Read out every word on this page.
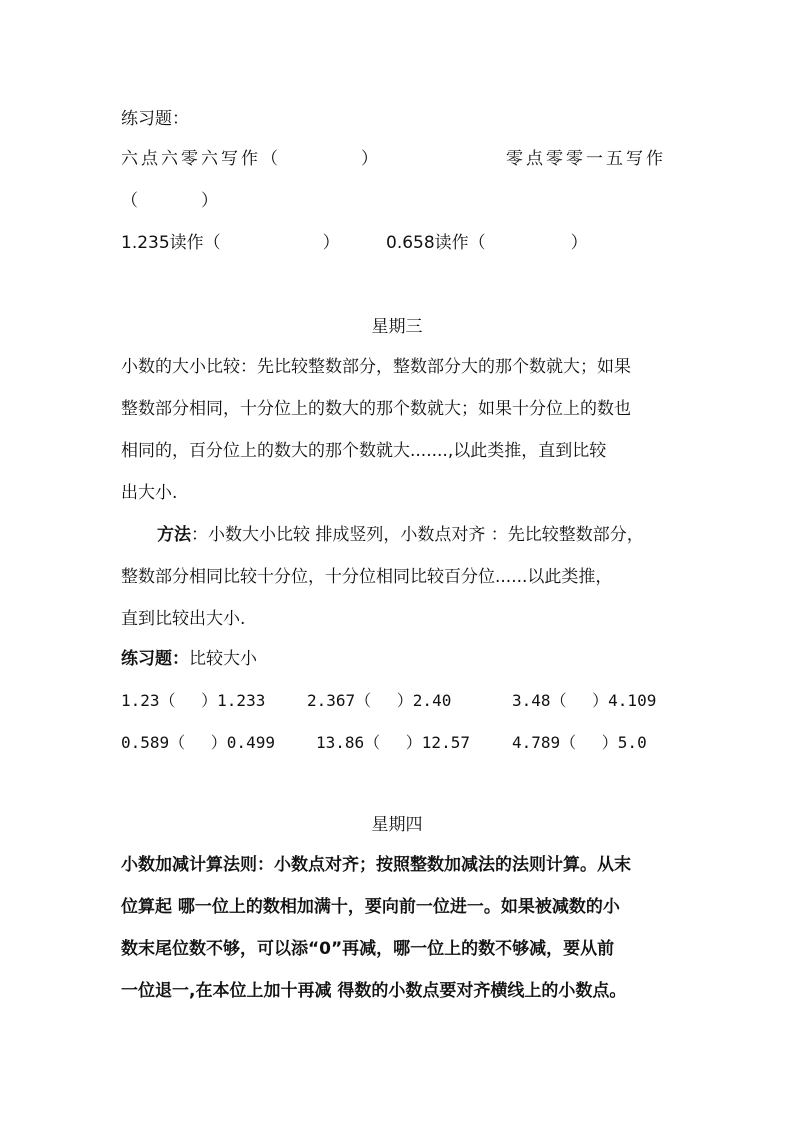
练习题：
六点六零六写作（　　　　）	零点零零一五写作
（　　　）
1.235读作（　　　　　　）	0.658读作（　　　　　）
星期三
小数的大小比较：先比较整数部分，整数部分大的那个数就大；如果
整数部分相同，十分位上的数大的那个数就大；如果十分位上的数也
相同的，百分位上的数大的那个数就大.......,以此类推，直到比较
出大小.
方法：小数大小比较 排成竖列，小数点对齐 ：先比较整数部分，
整数部分相同比较十分位，十分位相同比较百分位......以此类推，
直到比较出大小.
练习题：比较大小
1.23（　 ）1.233	2.367（　 ）2.40	3.48（　 ）4.109
0.589（　 ）0.499	13.86（　 ）12.57	4.789（　 ）5.0
星期四
小数加减计算法则：小数点对齐；按照整数加减法的法则计算。从末
位算起 哪一位上的数相加满十，要向前一位进一。如果被减数的小
数末尾位数不够，可以添“0”再减，哪一位上的数不够减，要从前
一位退一,在本位上加十再减 得数的小数点要对齐横线上的小数点。
